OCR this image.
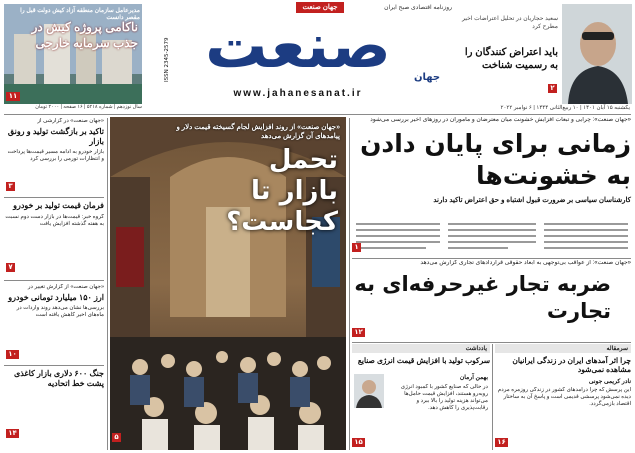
مدیرعامل سازمان منطقه آزاد کیش دولت قبل را مقصر دانست
ناکامی پروژه کیش در جذب سرمایه خارجی
۱۱
سال نوزدهم | شماره ۵۲۱۸ | ۱۶ صفحه | ۲۰۰۰ تومان
روزنامه اقتصادی صبح ایران
جهان صنعت
ISSN 2345-2579 صنعت	جهان
www.jahanesanat.ir
سعید حجاریان در تحلیل اعتراضات اخیر مطرح کرد
باید اعتراض کنندگان را به رسمیت شناخت
۲
یکشنبه ۱۵ آبان ۱۴۰۱ | ۱۰ ربیع‌الثانی ۱۴۴۴ | ۶ نوامبر ۲۰۲۲
«جهان صنعت» در گزارشی از
تاکید بر بازگشت تولید و رونق بازار
بازار خودرو به ادامه مسیر قیمت‌ها پرداخت و انتظارات تورمی را بررسی کرد
۳
فرمان قیمت تولید بر خودرو
گروه خبر: قیمت‌ها در بازار دست دوم نسبت به هفته گذشته افزایش یافت
۷
«جهان صنعت» از گزارش تغییر در
ارز ۱۵۰ میلیارد تومانی خودرو
بررسی‌ها نشان می‌دهد روند واردات در ماه‌های اخیر کاهش یافته است
۱۰
جنگ ۶۰۰ دلاری بازار کاغذی پشت خط اتحادیه
۱۴
«جهان صنعت» از روند افزایش لجام گسیخته قیمت دلار و پیامدهای آن گزارش می‌دهد
تحمل بازار تا کجاست؟
۵
«جهان صنعت»: چرایی و تبعات افزایش خشونت میان معترضان و ماموران در روزهای اخیر بررسی می‌شود
زمانی برای پایان دادن به خشونت‌ها
کارشناسان سیاسی بر ضرورت قبول اشتباه و حق اعتراض تاکید دارند
۱
«جهان صنعت»: از عواقب بی‌توجهی به ابعاد حقوقی قراردادهای تجاری گزارش می‌دهد
ضربه تجار غیرحرفه‌ای به تجارت
۱۲
یادداشت
سرکوب تولید با افزایش قیمت انرژی صنایع
بهمن آرمان
در حالی که صنایع کشور با کمبود انرژی روبه‌رو هستند، افزایش قیمت حامل‌ها می‌تواند هزینه تولید را بالا ببرد و رقابت‌پذیری را کاهش دهد.
۱۵
سرمقاله
چرا اثر آمدهای ایران در زندگی ایرانیان مشاهده نمی‌شود
نادر کریمی جونی
این پرسش که چرا درآمدهای کشور در زندگی روزمره مردم دیده نمی‌شود پرسشی قدیمی است و پاسخ آن به ساختار اقتصاد بازمی‌گردد.
۱۶
